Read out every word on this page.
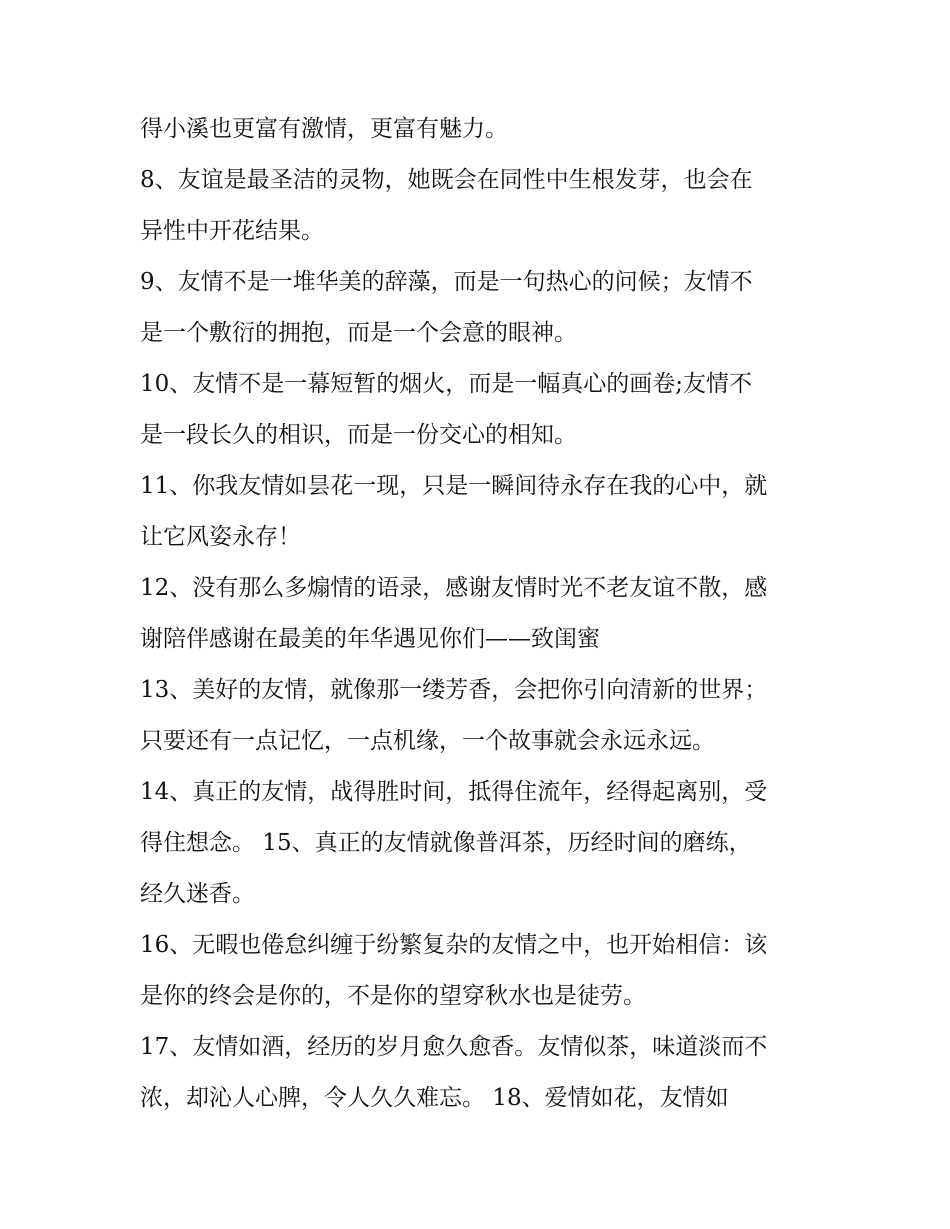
得小溪也更富有激情，更富有魅力。
8、友谊是最圣洁的灵物，她既会在同性中生根发芽，也会在
异性中开花结果。
9、友情不是一堆华美的辞藻，而是一句热心的问候；友情不
是一个敷衍的拥抱，而是一个会意的眼神。
10、友情不是一幕短暂的烟火，而是一幅真心的画卷;友情不
是一段长久的相识，而是一份交心的相知。
11、你我友情如昙花一现，只是一瞬间待永存在我的心中，就
让它风姿永存！
12、没有那么多煽情的语录，感谢友情时光不老友谊不散，感
谢陪伴感谢在最美的年华遇见你们——致闺蜜
13、美好的友情，就像那一缕芳香，会把你引向清新的世界；
只要还有一点记忆，一点机缘，一个故事就会永远永远。
14、真正的友情，战得胜时间，抵得住流年，经得起离别，受
得住想念。 15、真正的友情就像普洱茶，历经时间的磨练，
经久迷香。
16、无暇也倦怠纠缠于纷繁复杂的友情之中，也开始相信：该
是你的终会是你的，不是你的望穿秋水也是徒劳。
17、友情如酒，经历的岁月愈久愈香。友情似茶，味道淡而不
浓，却沁人心脾，令人久久难忘。 18、爱情如花，友情如
